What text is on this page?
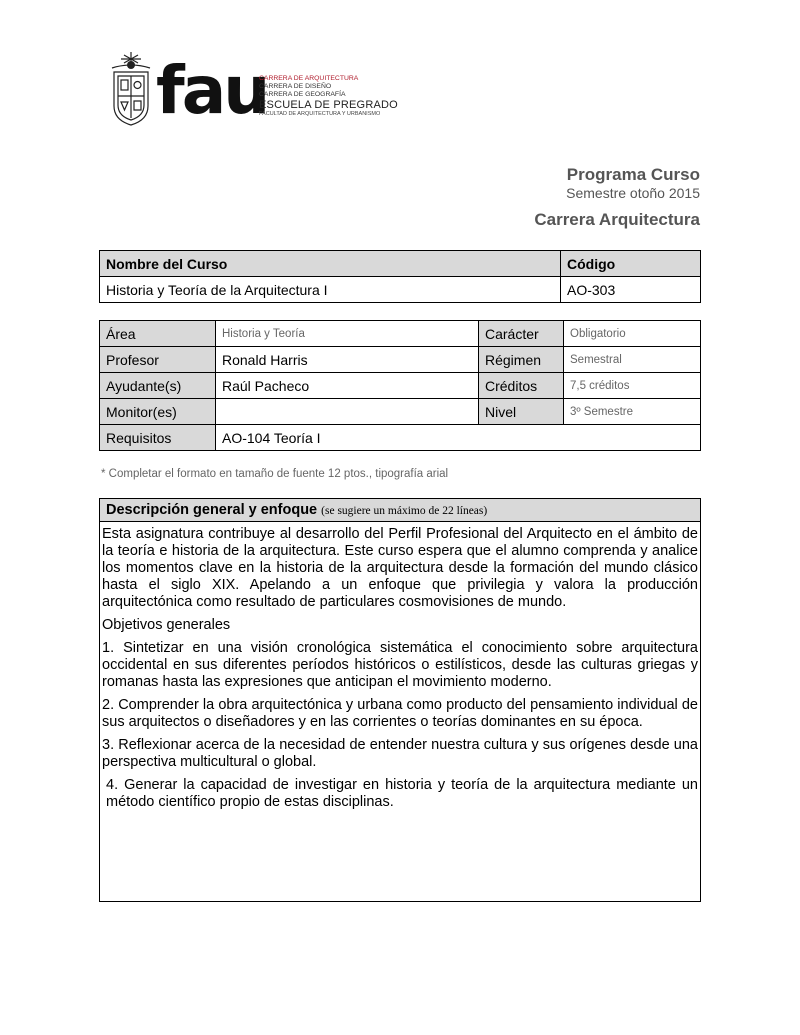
fau
CARRERA DE ARQUITECTURA
CARRERA DE DISEÑO
CARRERA DE GEOGRAFÍA
ESCUELA DE PREGRADO
FACULTAD DE ARQUITECTURA Y URBANISMO
Programa Curso
Semestre otoño 2015
Carrera Arquitectura
Nombre del Curso	Código
Historia y Teoría de la Arquitectura I	AO-303
Área	Historia y Teoría	Carácter	Obligatorio
Profesor	Ronald Harris	Régimen	Semestral
Ayudante(s)	Raúl Pacheco	Créditos	7,5 créditos
Monitor(es)		Nivel	3º Semestre
Requisitos	AO-104 Teoría I		
* Completar el formato en tamaño de fuente 12 ptos., tipografía arial
Descripción general y enfoque (se sugiere un máximo de 22 líneas)

Esta asignatura contribuye al desarrollo del Perfil Profesional del Arquitecto en el ámbito de la teoría e historia de la arquitectura. Este curso espera que el alumno comprenda y analice los momentos clave en la historia de la arquitectura desde la formación del mundo clásico hasta el siglo XIX. Apelando a un enfoque que privilegia y valora la producción arquitectónica como resultado de particulares cosmovisiones de mundo.

Objetivos generales

1. Sintetizar en una visión cronológica sistemática el conocimiento sobre arquitectura occidental en sus diferentes períodos históricos o estilísticos, desde las culturas griegas y romanas hasta las expresiones que anticipan el movimiento moderno.

2. Comprender la obra arquitectónica y urbana como producto del pensamiento individual de sus arquitectos o diseñadores y en las corrientes o teorías dominantes en su época.

3. Reflexionar acerca de la necesidad de entender nuestra cultura y sus orígenes desde una perspectiva multicultural o global.

4. Generar la capacidad de investigar en historia y teoría de la arquitectura mediante un método científico propio de estas disciplinas.
